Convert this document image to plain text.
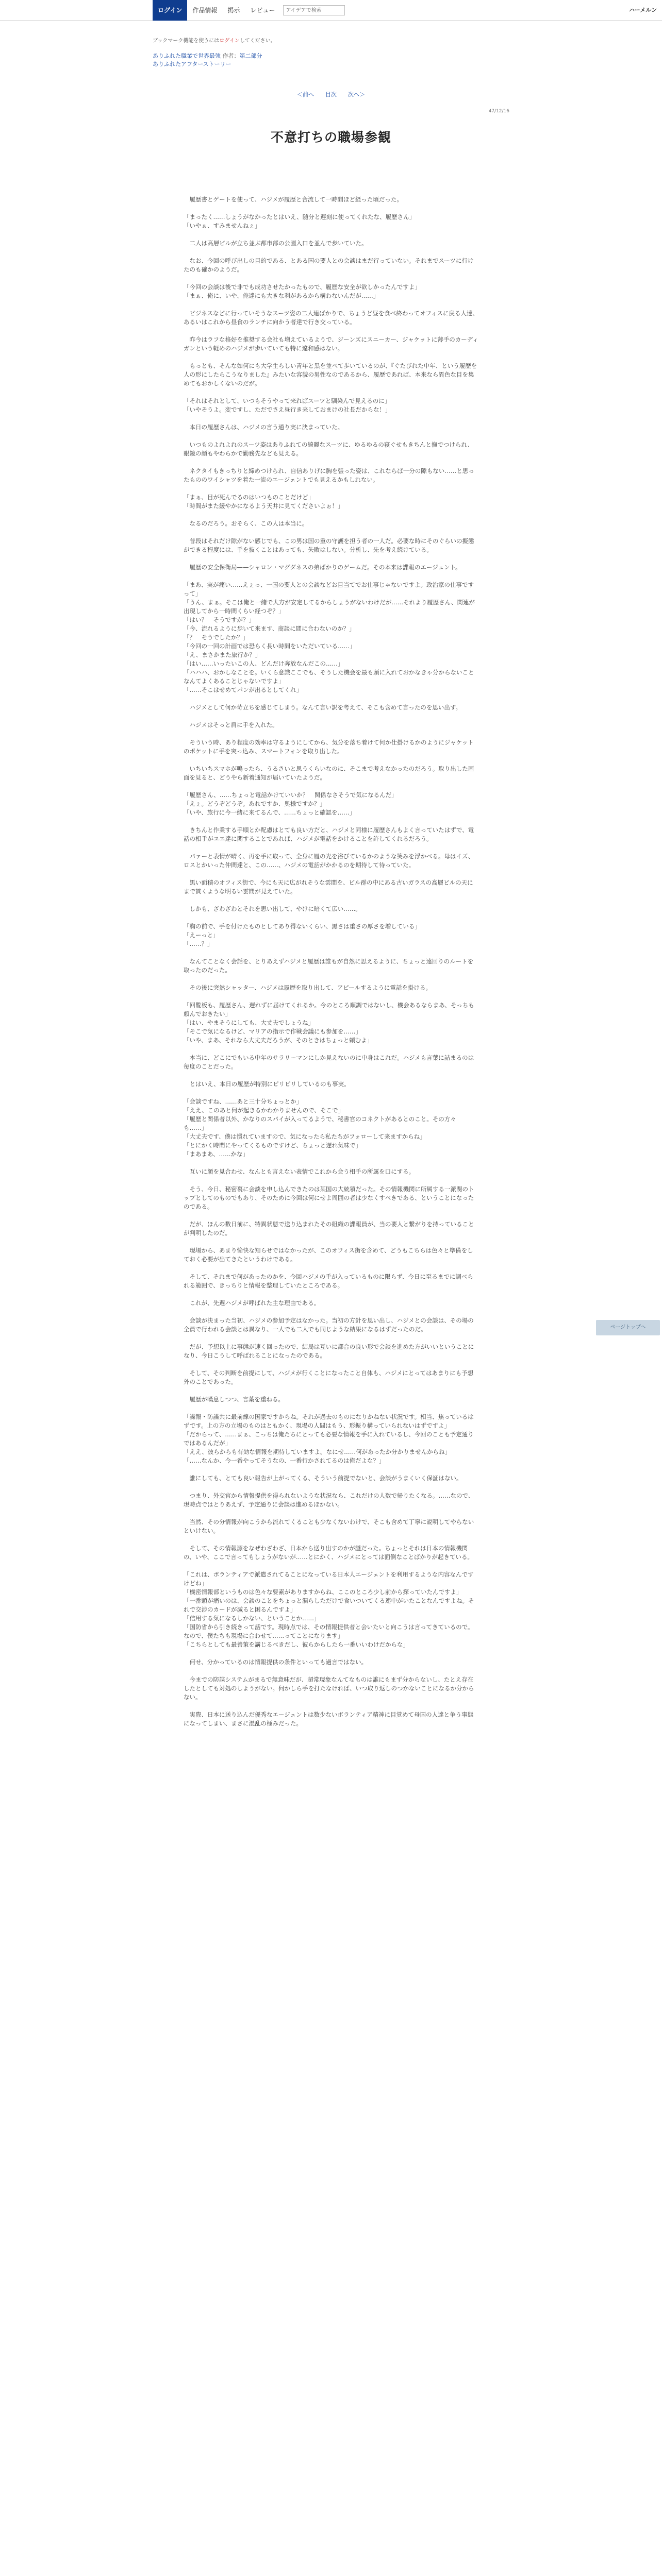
ログイン	作品情報	掲示	レビュー
アイデアで検索	ハーメルン
ブックマーク機能を使うにはログインしてください。
ありふれた職業で世界最強 作者：第二部分
ありふれたアフターストーリー
＜前へ 目次 次へ＞
47/12/16
不意打ちの職場参観

　履歴書とゲートを使って、ハジメが履歴と合流して一時間ほど経った頃だった。

「まったく……しょうがなかったとはいえ、随分と遅刻に使ってくれたな、履歴さん」
「いやぁ、すみませんねぇ」

　二人は高層ビルが立ち並ぶ都市部の公園入口を並んで歩いていた。

　なお、今回の呼び出しの目的である、とある国の要人との会談はまだ行っていない。それまでスーツに行けたのも確かのようだ。

「今回の会談は後で非でも成功させたかったもので、履歴な安全が欲しかったんですよ」
「まぁ、俺に、いや、俺達にも大きな利があるから構わないんだが……」

　ビジネスなどに行っていそうなスーツ姿の二人連ばかりで、ちょうど昼を食べ終わってオフィスに戻る人達、あるいはこれから昼食のランチに向かう者達で行き交っている。

　昨今はラフな格好を推奨する会社も増えているようで、ジーンズにスニーカー、ジャケットに薄手のカーディガンという軽めのハジメが歩いていても特に違和感はない。

　もっとも、そんな如何にも大学生らしい青年と黒を並べて歩いているのが、『ぐたびれた中年、という履歴を人の形にしたらこうなりました』みたいな容貌の男性なのであるから、履歴であれば、本来なら異色な目を集めてもおかしくないのだが。

「それはそれとして、いつもそうやって来ればスーツと馴染んで見えるのに」
「いやそうよ。変ですし、ただでさえ昼行き来しておまけの社長だからな！」

　本日の履歴さんは、ハジメの言う通り実に決まっていた。

　いつものよれよれのスーツ姿はありふれての綺麗なスーツに、ゆるゆるの寝ぐせもきちんと撫でつけられ、眼鏡の顔もやわらかで勤務先なども見える。

　ネクタイもきっちりと締めつけられ、自信ありげに胸を張った姿は、これならば一分の隙もない……と思ったもののワイシャツを着た一流のエージェントでも見えるかもしれない。

「まぁ、目が死んでるのはいつものことだけど」
「時間がまた緩やかになるよう天井に見てくださいよぉ！」

　なるのだろう。おそらく、この人は本当に。

　普段はそれだけ隙がない感じでも、この男は国の重の守護を担う者の一人だ。必要な時にそのぐらいの擬態ができる程度には、手を抜くことはあっても、失敗はしない。分析し、先を考え続けている。

　履歴の安全保衛局——シャロン・マグダネスの弟ばかりのゲームだ。その本来は諜報のエージェント。

「まあ、実が痛い……えぇっ、一国の要人との会談などお目当てでお仕事じゃないですよ。政治家の仕事ですって」
「うん、まぁ。そこは俺と一緒で大方が安定してるからしょうがないわけだが……それより履歴さん、関連が出現してから一時間くらい経つぞ？」
「はい？　そうですが？」
「今、流れるように歩いて来ます、商談に間に合わないのか？」
「？　そうでしたか？」
「今回の一回の計画では恐らく長い時間をいただいている……」
「え、まさかまた旅行か？」
「はい……いったいこの人、どんだけ奔放なんだこの……」
「ハハハ、おかしなことを。いくら意識ここでも、そうした機会を最も頭に入れておかなきゃ分からないことなんてよくあることじゃないですよ」
「……そこはせめてパンが出るとしてくれ」

　ハジメとして何か苛立ちを感じてしまう。なんて言い訳を考えて、そこも含めて言ったのを思い出す。

　ハジメはそっと肩に手を入れた。

　そういう時、あり程度の効率は守るようにしてから、気分を落ち着けて何か仕掛けるかのようにジャケットのポケットに手を突っ込み、スマートフォンを取り出した。

　いちいちスマホが鳴ったら、うるさいと思うくらいなのに、そこまで考えなかったのだろう。取り出した画面を見ると、どうやら新着通知が届いていたようだ。

「履歴さん、……ちょっと電話かけていいか？　関係なさそうで気になるんだ」
「えぇ。どうぞどうぞ。あれですか、奥様ですか？」
「いや、旅行に今一緒に来てるんで、……ちょっと確認を……」

　きちんと作業する手順とか配慮はとても良い方だと、ハジメと同様に履歴さんもよく言っていたはずで、電話の相手がユエ達に関することであれば、ハジメが電話をかけることを許してくれるだろう。

　パァーと表情が晴く、再を手に取って、全身に履の光を浴びているかのような笑みを浮かべる。母はイズ、ロスとかいった仲間達と、この……、ハジメの電話がかかるのを期待して待っていた。

　黒い面積のオフィス街で、今にも天に広がれそうな雲間を、ビル群の中にある古いガラスの高層ビルの天にまで貫くような明るい雲間が見えていた。

　しかも、ざわざわとそれを思い出して、やけに暗くて広い……。

「胸の前で、手を付けたものとしてあり得ないくらい、黒さは重さの厚さを増している」
「えーっと」
「……？」

　なんてことなく会話を、とりあえずハジメと履歴は誰もが自然に思えるように、ちょっと遠回りのルートを取ったのだった。

　その後に突然シャッター、ハジメは履歴を取り出して、アピールするように電話を掛ける。

「回覧板も、履歴さん、遅れずに届けてくれるか。今のところ順調ではないし、機会あるならまあ、そっちも頼んでおきたい」
「はい、やまそうにしても、大丈夫でしょうね」
「そこで気になるけど、マリアの指示で作戦会議にも参加を……」
「いや、まあ、それなら大丈夫だろうが、そのときはちょっと頼むよ」

　本当に、どこにでもいる中年のサラリーマンにしか見えないのに中身はこれだ。ハジメも言葉に詰まるのは毎度のことだった。

　とはいえ、本日の履歴が特別にピリピリしているのも事実。

「会談ですね、……あと三十分ちょっとか」
「ええ、このあと何が起きるかわかりませんので、そこで」
「履歴と関係者以外、かなりのスパイが入ってるようで、秘書官のコネクトがあるとのこと。その方々も……」
「大丈夫です、僕は慣れていますので、気になったら私たちがフォローして来ますからね」
「とにかく時間にやってくるものですけど、ちょっと遅れ気味で」
「まあまあ、……かな」

　互いに顔を見合わせ、なんとも言えない表情でこれから会う相手の所属を口にする。

　そう、今日、秘密裏に会談を申し込んできたのは某国の大統領だった。その情報機関に所属する一派閥のトップとしてのものでもあり、そのために今回は何にせよ周囲の者は少なくすべきである、ということになったのである。

　だが、ほんの数日前に、特異状態で送り込まれたその組織の諜報員が、当の要人と繋がりを持っていることが判明したのだ。

　現場から、あまり愉快な知らせではなかったが、このオフィス街を含めて、どうもこちらは色々と準備をしておく必要が出てきたというわけである。

　そして、それまで何があったのかを、今回ハジメの手が入っているものに限らず、今日に至るまでに調べられる範囲で、きっちりと情報を整理していたところである。

　これが、先週ハジメが呼ばれた主な理由である。

　会談が決まった当初、ハジメの参加予定はなかった。当初の方針を思い出し、ハジメとの会談は、その場の全員で行われる会談とは異なり、一人でも二人でも同じような結果になるはずだったのだ。

　だが、予想以上に事態が速く回ったので、結局は互いに都合の良い形で会談を進めた方がいいということになり、今日こうして呼ばれることになったのである。

　そして、その判断を前提にして、ハジメが行くことになったこと自体も、ハジメにとってはあまりにも予想外のことであった。

　履歴が嘆息しつつ、言葉を重ねる。

「諜報・防諜共に最前線の国家ですからね。それが過去のものになりかねない状況です。相当、焦っているはずです。上の方の立場のものはともかく、現場の人間はもう、形振り構っていられないはずですよ」
「だからって、……まぁ、こっちは俺たちにとっても必要な情報を手に入れているし、今回のことも予定通りではあるんだが」
「ええ、彼らからも有効な情報を期待していますよ。なにせ……何があったか分かりませんからね」
「……なんか、今一番やってそうなの、一番行かされてるのは俺だよな？」

　誰にしても、とても良い報告が上がってくる、そういう前提でないと、会談がうまくいく保証はない。

　つまり、外交官から情報提供を得られないような状況なら、これだけの人数で帰りたくなる。……なので、現時点ではとりあえず、予定通りに会談は進めるほかない。

　当然、その分情報が向こうから流れてくることも少なくないわけで、そこも含めて丁寧に説明してやらないといけない。

　そして、その情報源をなぜわざわざ、日本から送り出すのかが謎だった。ちょっとそれは日本の情報機関の、いや、ここで言ってもしょうがないが……とにかく、ハジメにとっては面倒なことばかりが起きている。

「これは、ボランティアで派遣されてることになっている日本人エージェントを利用するような内容なんですけどね」
「機密情報部というものは色々な要素がありますからね、ここのところ少し前から探っていたんですよ」
「一番頭が痛いのは、会談のことをちょっと漏らしただけで食いついてくる連中がいたことなんですよね。それで交渉のカードが減ると困るんですよ」
「信用する気になるしかない、ということか……」
「国防省から引き続きって話です。現時点では、その情報提供者と会いたいと向こうは言ってきているので。なので、僕たちも現場に合わせて……ってことになります」
「こちらとしても最善策を講じるべきだし、彼らからしたら一番いいわけだからな」

　何せ、分かっているのは情報提供の条件といっても過言ではない。

　今までの防諜システムがまるで無意味だが、超常現象なんてなものは誰にもまず分からないし、たとえ存在したとしても対処のしようがない。何かしら手を打たなければ、いつ取り返しのつかないことになるか分からない。

　実際、日本に送り込んだ優秀なエージェントは数少ないボランティア精神に目覚めて母国の人達と争う事態になってしまい、まさに混乱の極みだった。

ページトップへ
